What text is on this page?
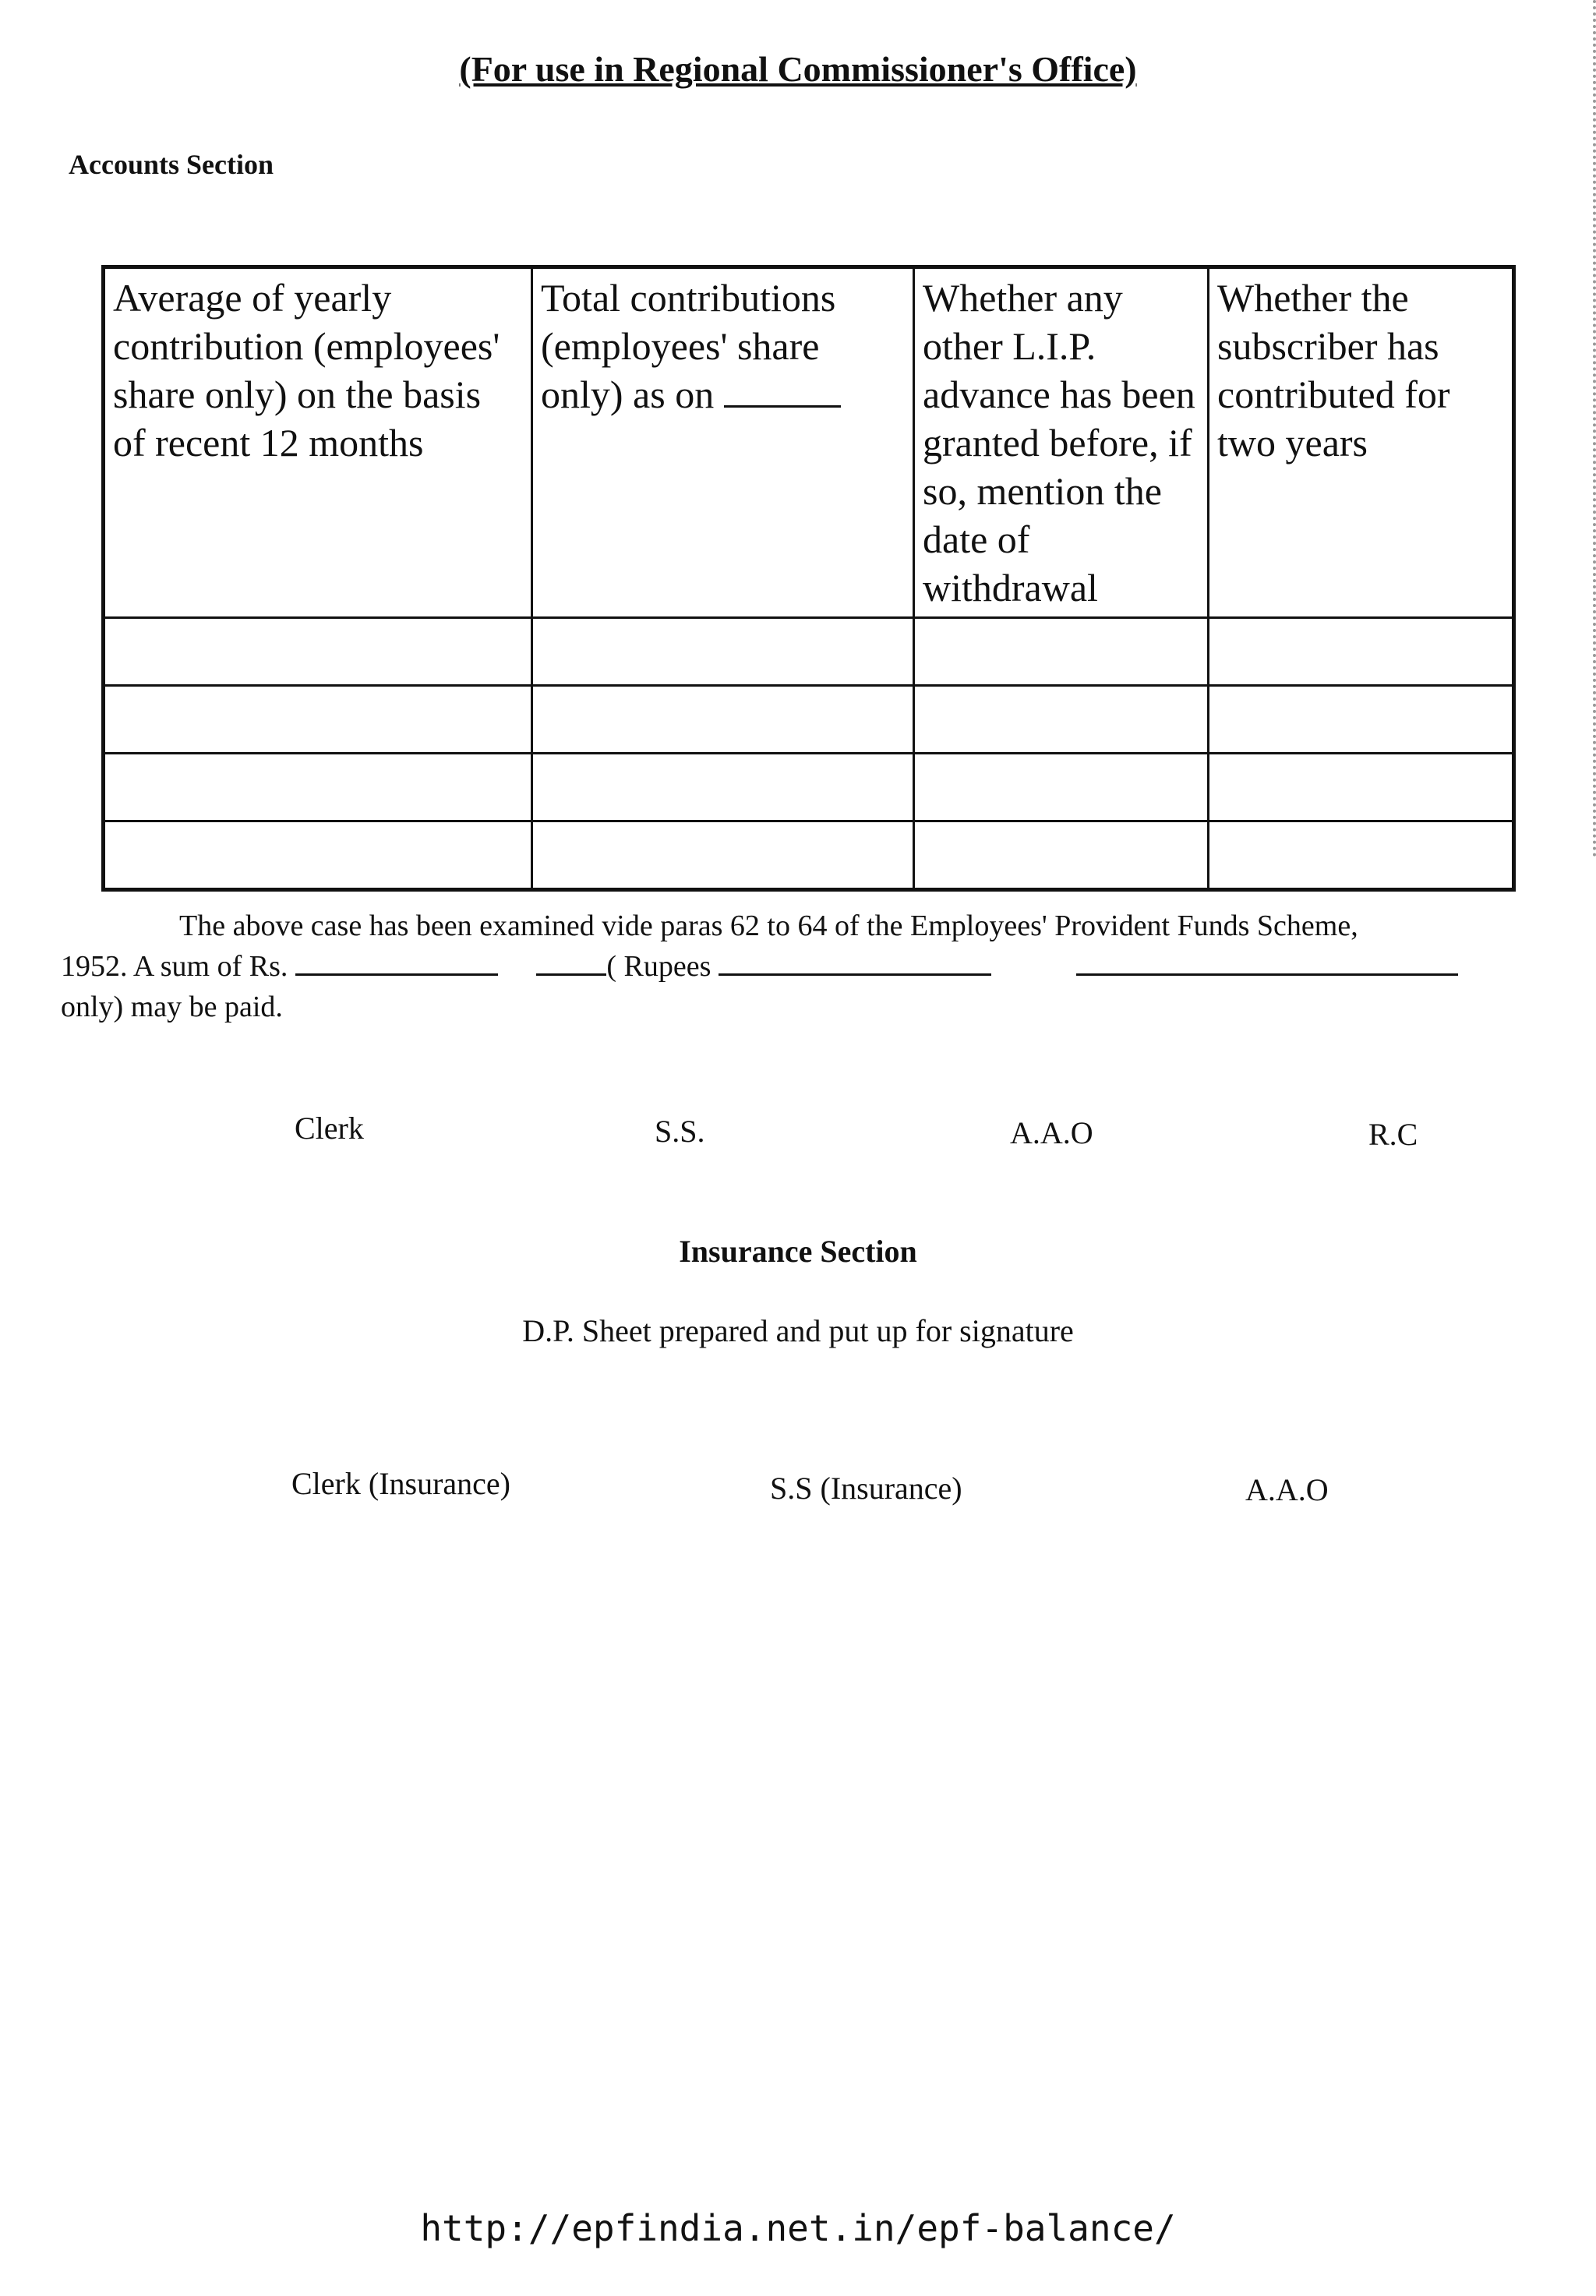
(For use in Regional Commissioner's Office)
Accounts Section
Average of yearly contribution (employees' share only) on the basis of recent 12 months	Total contributions (employees' share only) as on	Whether any other L.I.P. advance has been granted before, if so, mention the date of withdrawal	Whether the subscriber has contributed for two years

The above case has been examined vide paras 62 to 64 of the Employees' Provident Funds Scheme,
1952. A sum of Rs.	( Rupees
only) may be paid.
Clerk	S.S.	A.A.O	R.C
Insurance Section
D.P. Sheet prepared and put up for signature
Clerk (Insurance)	S.S (Insurance)	A.A.O
http://epfindia.net.in/epf-balance/
